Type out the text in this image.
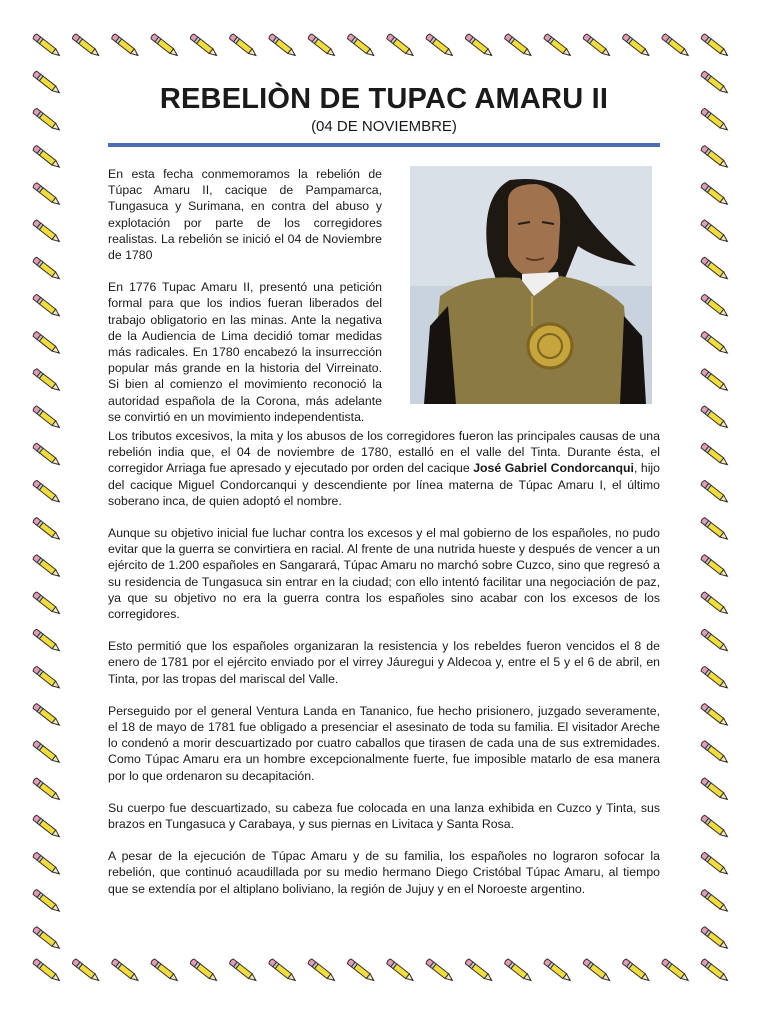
REBELIÒN DE TUPAC AMARU II

(04 DE NOVIEMBRE)

En esta fecha conmemoramos la rebelión de Túpac Amaru II, cacique de Pampamarca, Tungasuca y Surimana, en contra del abuso y explotación por parte de los corregidores realistas. La rebelión se inició el 04 de Noviembre de 1780

En 1776 Tupac Amaru II, presentó una petición formal para que los indios fueran liberados del trabajo obligatorio en las minas. Ante la negativa de la Audiencia de Lima decidió tomar medidas más radicales. En 1780 encabezó la insurrección popular más grande en la historia del Virreinato. Si bien al comienzo el movimiento reconoció la autoridad española de la Corona, más adelante se convirtió en un movimiento independentista.

Los tributos excesivos, la mita y los abusos de los corregidores fueron las principales causas de una rebelión india que, el 04 de noviembre de 1780, estalló en el valle del Tinta. Durante ésta, el corregidor Arriaga fue apresado y ejecutado por orden del cacique José Gabriel Condorcanqui, hijo del cacique Miguel Condorcanqui y descendiente por línea materna de Túpac Amaru I, el último soberano inca, de quien adoptó el nombre.

Aunque su objetivo inicial fue luchar contra los excesos y el mal gobierno de los españoles, no pudo evitar que la guerra se convirtiera en racial. Al frente de una nutrida hueste y después de vencer a un ejército de 1.200 españoles en Sangarará, Túpac Amaru no marchó sobre Cuzco, sino que regresó a su residencia de Tungasuca sin entrar en la ciudad; con ello intentó facilitar una negociación de paz, ya que su objetivo no era la guerra contra los españoles sino acabar con los excesos de los corregidores.

Esto permitió que los españoles organizaran la resistencia y los rebeldes fueron vencidos el 8 de enero de 1781 por el ejército enviado por el virrey Jáuregui y Aldecoa y, entre el 5 y el 6 de abril, en Tinta, por las tropas del mariscal del Valle.

Perseguido por el general Ventura Landa en Tananico, fue hecho prisionero, juzgado severamente, el 18 de mayo de 1781 fue obligado a presenciar el asesinato de toda su familia. El visitador Areche lo condenó a morir descuartizado por cuatro caballos que tirasen de cada una de sus extremidades. Como Túpac Amaru era un hombre excepcionalmente fuerte, fue imposible matarlo de esa manera por lo que ordenaron su decapitación.

Su cuerpo fue descuartizado, su cabeza fue colocada en una lanza exhibida en Cuzco y Tinta, sus brazos en Tungasuca y Carabaya, y sus piernas en Livitaca y Santa Rosa.

A pesar de la ejecución de Túpac Amaru y de su familia, los españoles no lograron sofocar la rebelión, que continuó acaudillada por su medio hermano Diego Cristóbal Túpac Amaru, al tiempo que se extendía por el altiplano boliviano, la región de Jujuy y en el Noroeste argentino.
